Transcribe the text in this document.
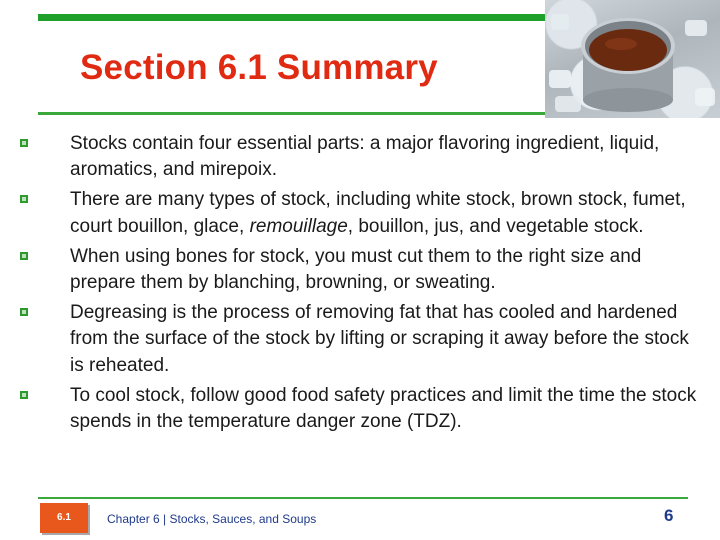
Section 6.1 Summary
Stocks contain four essential parts: a major flavoring ingredient, liquid, aromatics, and mirepoix.
There are many types of stock, including white stock, brown stock, fumet, court bouillon, glace, remouillage, bouillon, jus, and vegetable stock.
When using bones for stock, you must cut them to the right size and prepare them by blanching, browning, or sweating.
Degreasing is the process of removing fat that has cooled and hardened from the surface of the stock by lifting or scraping it away before the stock is reheated.
To cool stock, follow good food safety practices and limit the time the stock spends in the temperature danger zone (TDZ).
6.1	Chapter 6 | Stocks, Sauces, and Soups	6
